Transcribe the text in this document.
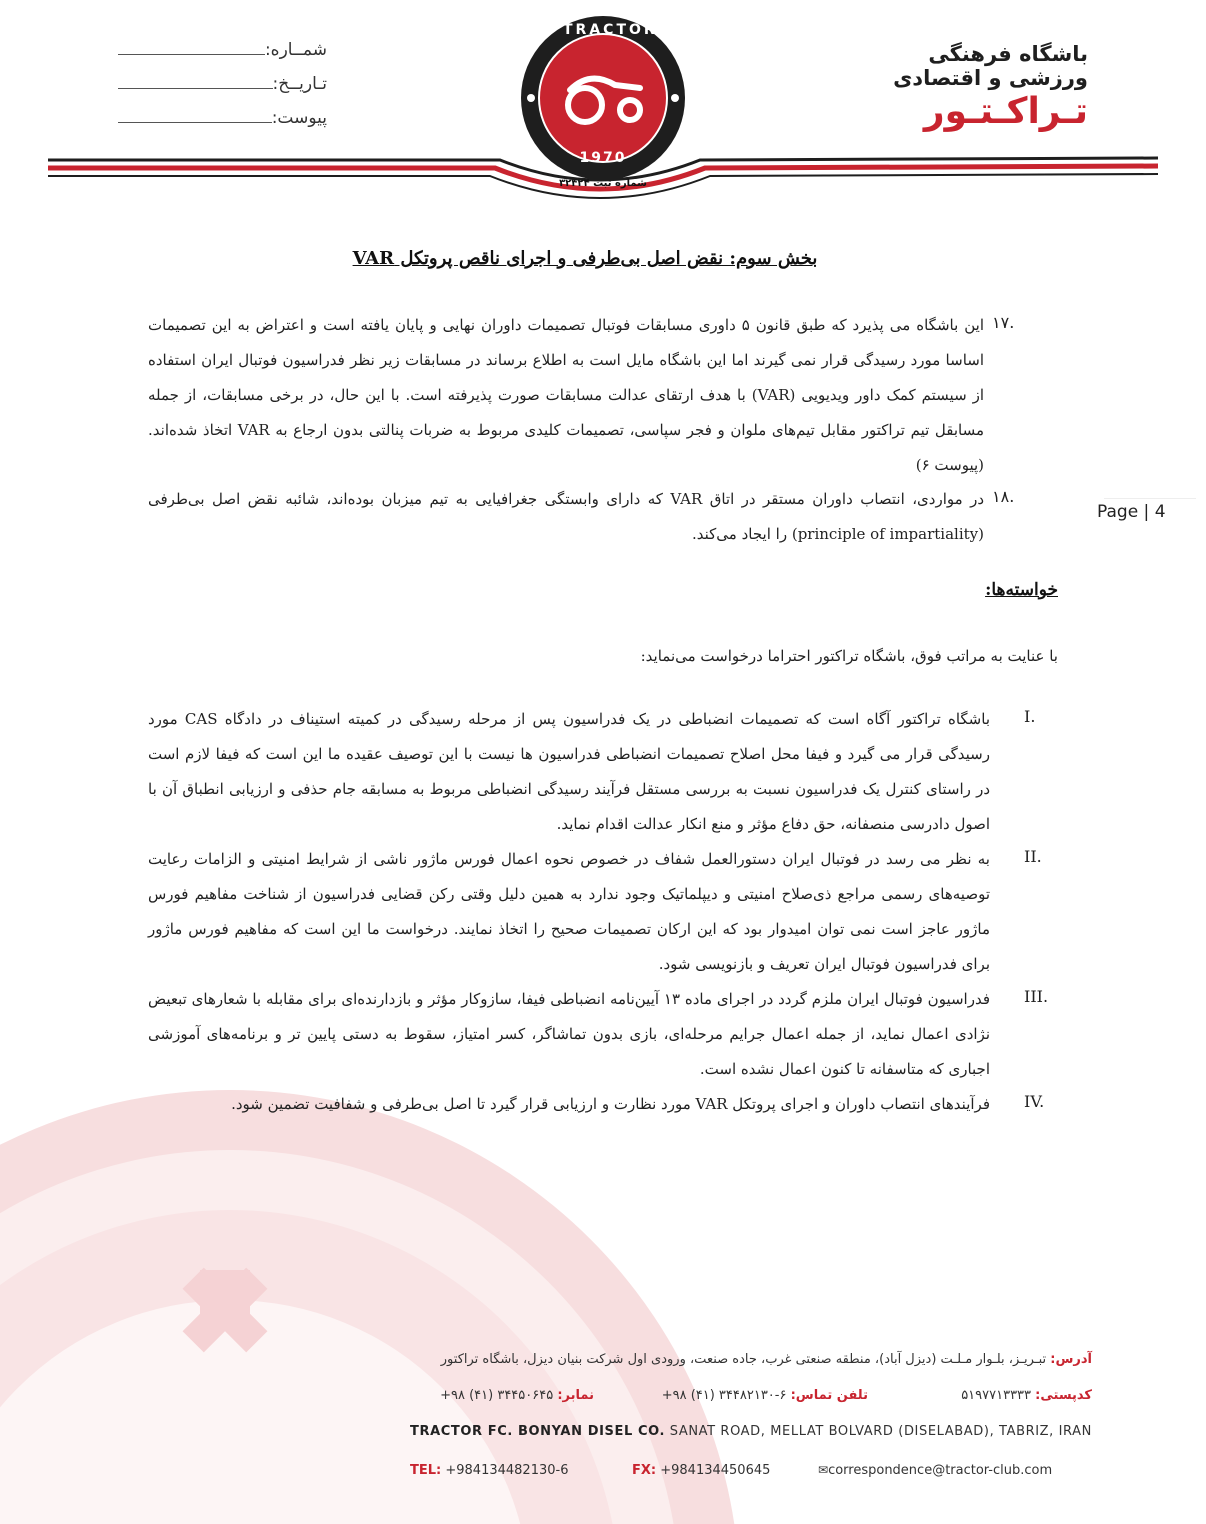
شمــاره:
تـاریــخ:
پیوست:
TRACTOR
1970
شماره ثبت ۳۲۴۲۴
باشگاه فرهنگی
ورزشی و اقتصادی
تـراکـتـور
بخش سوم: نقض اصل بی‌طرفی و اجرای ناقص پروتکل VAR
۱۷.
این باشگاه می پذیرد که طبق قانون ۵ داوری مسابقات فوتبال تصمیمات داوران نهایی و پایان یافته است و اعتراض به این تصمیمات اساسا مورد رسیدگی قرار نمی گیرند اما این باشگاه مایل است به اطلاع برساند در مسابقات زیر نظر فدراسیون فوتبال ایران استفاده از سیستم کمک داور ویدیویی (VAR) با هدف ارتقای عدالت مسابقات صورت پذیرفته است. با این حال، در برخی مسابقات، از جمله مسابقل تیم تراکتور مقابل تیم‌های ملوان و فجر سپاسی، تصمیمات کلیدی مربوط به ضربات پنالتی بدون ارجاع به VAR اتخاذ شده‌اند. (پیوست ۶)
۱۸.
در مواردی، انتصاب داوران مستقر در اتاق VAR که دارای وابستگی جغرافیایی به تیم میزبان بوده‌اند، شائبه نقض اصل بی‌طرفی (principle of impartiality) را ایجاد می‌کند.
Page | 4
خواسته‌ها:
با عنایت به مراتب فوق، باشگاه تراکتور احتراما درخواست می‌نماید:
I.
باشگاه تراکتور آگاه است که تصمیمات انضباطی در یک فدراسیون پس از مرحله رسیدگی در کمیته استیناف در دادگاه CAS مورد رسیدگی قرار می گیرد و فیفا محل اصلاح تصمیمات انضباطی فدراسیون ها نیست با این توصیف عقیده ما این است که فیفا لازم است در راستای کنترل یک فدراسیون نسبت به بررسی مستقل فرآیند رسیدگی انضباطی مربوط به مسابقه جام حذفی و ارزیابی انطباق آن با اصول دادرسی منصفانه، حق دفاع مؤثر و منع انکار عدالت اقدام نماید.
II.
به نظر می رسد در فوتبال ایران دستورالعمل شفاف در خصوص نحوه اعمال فورس ماژور ناشی از شرایط امنیتی و الزامات رعایت توصیه‌های رسمی مراجع ذی‌صلاح امنیتی و دیپلماتیک وجود ندارد به همین دلیل وقتی رکن قضایی فدراسیون از شناخت مفاهیم فورس ماژور عاجز است نمی توان امیدوار بود که این ارکان تصمیمات صحیح را اتخاذ نمایند. درخواست ما این است که مفاهیم فورس ماژور برای فدراسیون فوتبال ایران تعریف و بازنویسی شود.
III.
فدراسیون فوتبال ایران ملزم گردد در اجرای ماده ۱۳ آیین‌نامه انضباطی فیفا، سازوکار مؤثر و بازدارنده‌ای برای مقابله با شعارهای تبعیض نژادی اعمال نماید، از جمله اعمال جرایم مرحله‌ای، بازی بدون تماشاگر، کسر امتیاز، سقوط به دستی پایین تر و برنامه‌های آموزشی اجباری که متاسفانه تا کنون اعمال نشده است.
IV.
فرآیندهای انتصاب داوران و اجرای پروتکل VAR مورد نظارت و ارزیابی قرار گیرد تا اصل بی‌طرفی و شفافیت تضمین شود.
آدرس: تبـریـز، بلـوار مـلـت (دیزل آباد)، منطقه صنعتی غرب، جاده صنعت، ورودی اول شرکت بنیان دیزل، باشگاه تراکتور
کدپستی: ۵۱۹۷۷۱۳۳۳۳
تلفن تماس: +۹۸ (۴۱) ۳۴۴۸۲۱۳۰-۶
نمابر: +۹۸ (۴۱) ۳۴۴۵۰۶۴۵
TRACTOR FC. BONYAN DISEL CO. SANAT ROAD, MELLAT BOLVARD (DISELABAD), TABRIZ, IRAN
TEL: +984134482130-6	FX: +984134450645	✉correspondence@tractor-club.com
